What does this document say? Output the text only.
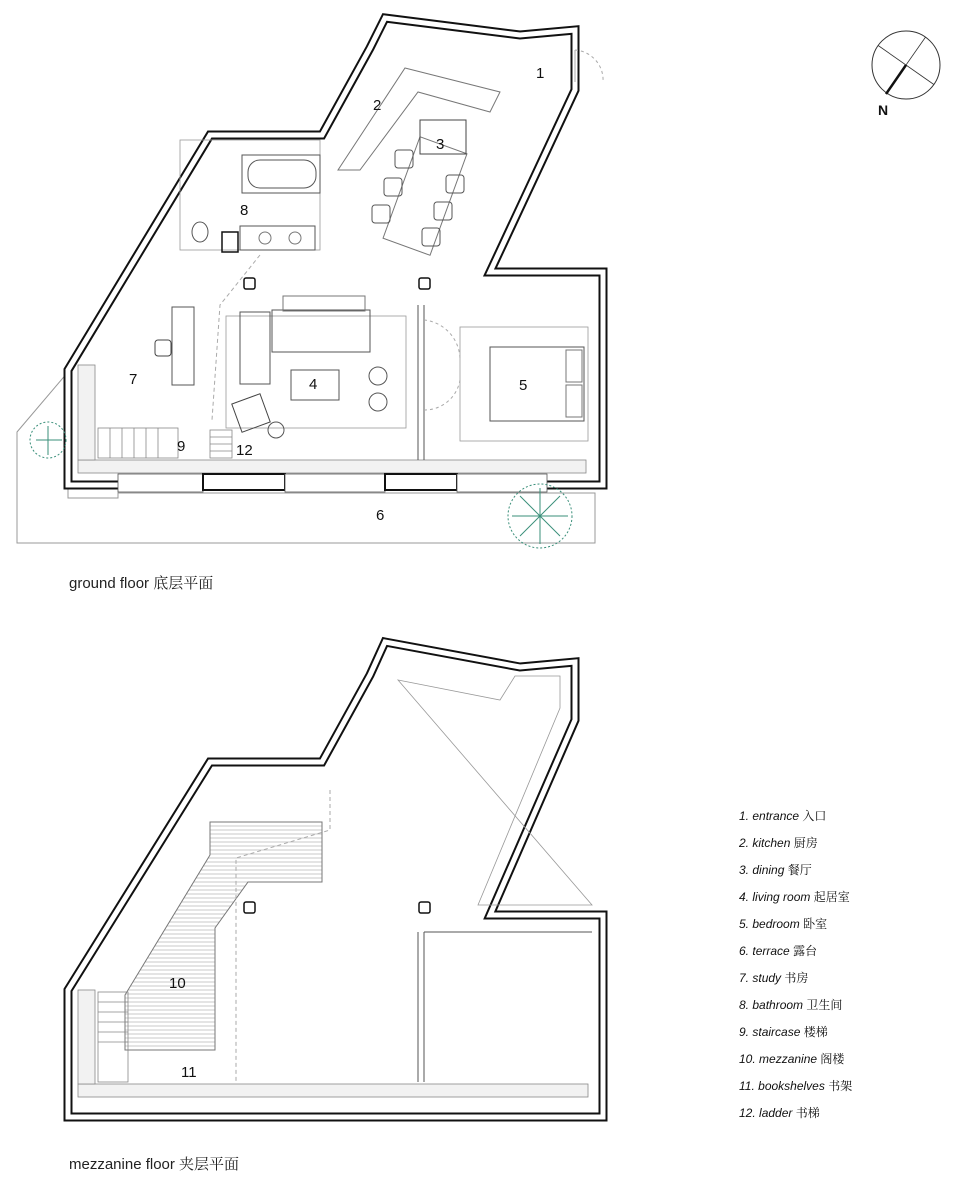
1
2
3
4	5
6
7
8
9	12
10
11
N
ground floor 底层平面
mezzanine floor 夹层平面
1. entrance 入口
2. kitchen 厨房
3. dining 餐厅
4. living room 起居室
5. bedroom 卧室
6. terrace 露台
7. study 书房
8. bathroom 卫生间
9. staircase 楼梯
10. mezzanine 阁楼
11. bookshelves 书架
12. ladder 书梯
